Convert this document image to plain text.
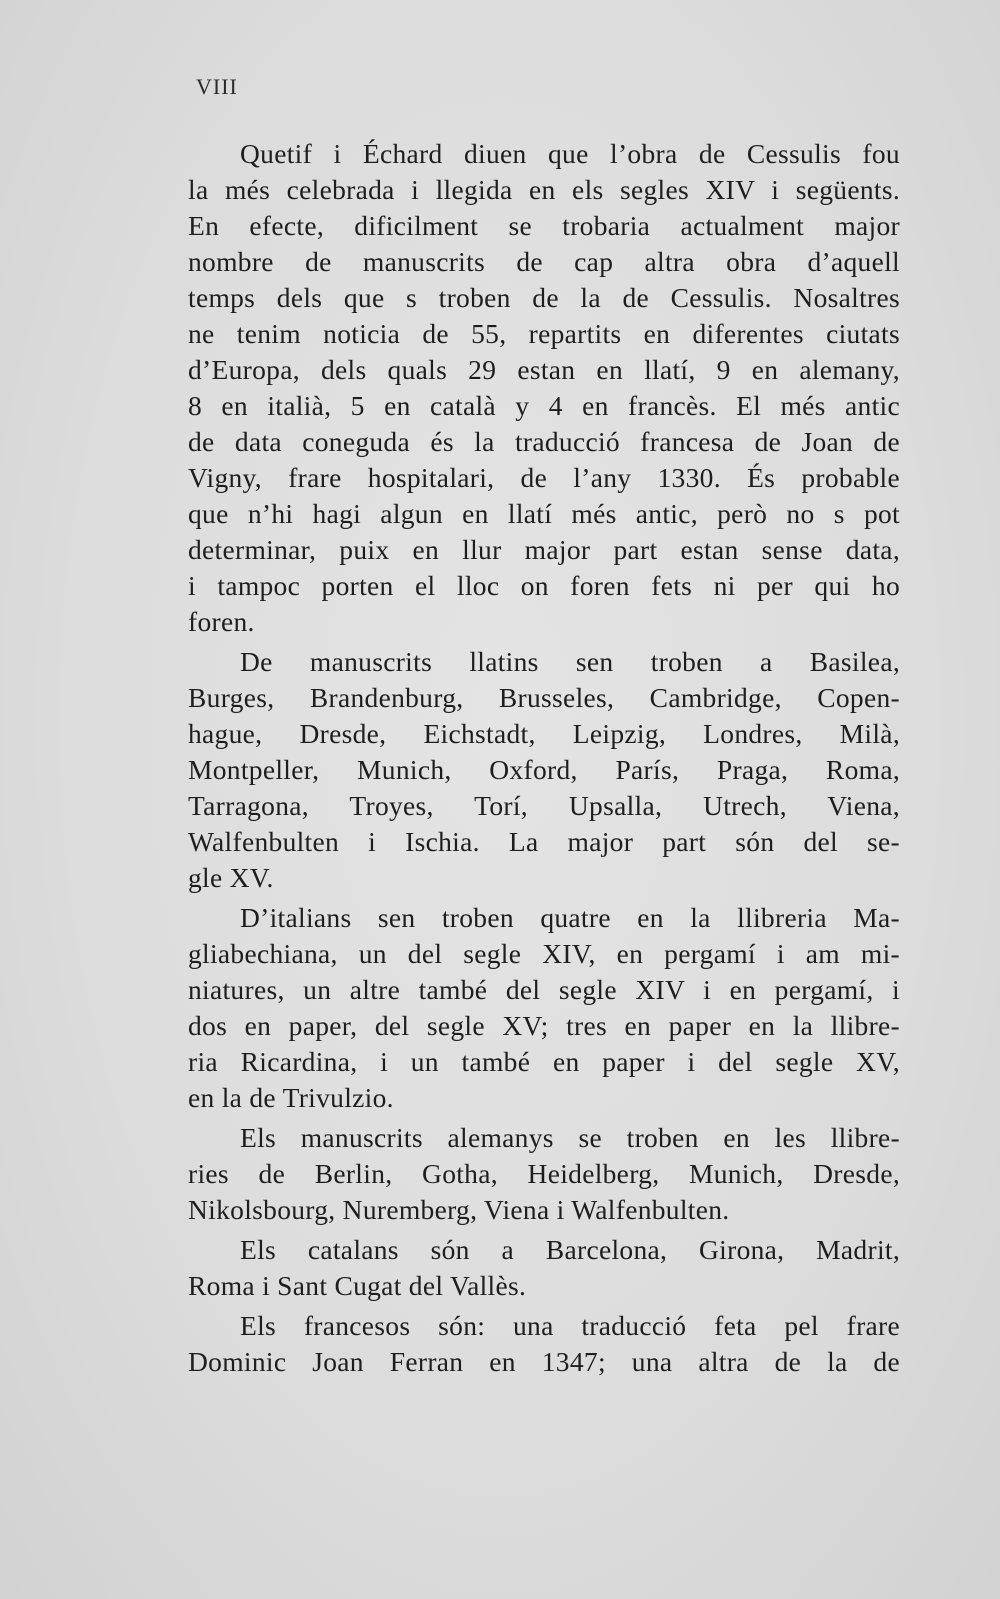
VIII
Quetif i Échard diuen que l’obra de Cessulis fou
la més celebrada i llegida en els segles XIV i següents.
En efecte, dificilment se trobaria actualment major
nombre de manuscrits de cap altra obra d’aquell
temps dels que s troben de la de Cessulis. Nosaltres
ne tenim noticia de 55, repartits en diferentes ciutats
d’Europa, dels quals 29 estan en llatí, 9 en alemany,
8 en italià, 5 en català y 4 en francès. El més antic
de data coneguda és la traducció francesa de Joan de
Vigny, frare hospitalari, de l’any 1330. És probable
que n’hi hagi algun en llatí més antic, però no s pot
determinar, puix en llur major part estan sense data,
i tampoc porten el lloc on foren fets ni per qui ho
foren.
De manuscrits llatins sen troben a Basilea,
Burges, Brandenburg, Brusseles, Cambridge, Copen-
hague, Dresde, Eichstadt, Leipzig, Londres, Milà,
Montpeller, Munich, Oxford, París, Praga, Roma,
Tarragona, Troyes, Torí, Upsalla, Utrech, Viena,
Walfenbulten i Ischia. La major part són del se-
gle XV.
D’italians sen troben quatre en la llibreria Ma-
gliabechiana, un del segle XIV, en pergamí i am mi-
niatures, un altre també del segle XIV i en pergamí, i
dos en paper, del segle XV; tres en paper en la llibre-
ria Ricardina, i un també en paper i del segle XV,
en la de Trivulzio.
Els manuscrits alemanys se troben en les llibre-
ries de Berlin, Gotha, Heidelberg, Munich, Dresde,
Nikolsbourg, Nuremberg, Viena i Walfenbulten.
Els catalans són a Barcelona, Girona, Madrit,
Roma i Sant Cugat del Vallès.
Els francesos són: una traducció feta pel frare
Dominic Joan Ferran en 1347; una altra de la de
